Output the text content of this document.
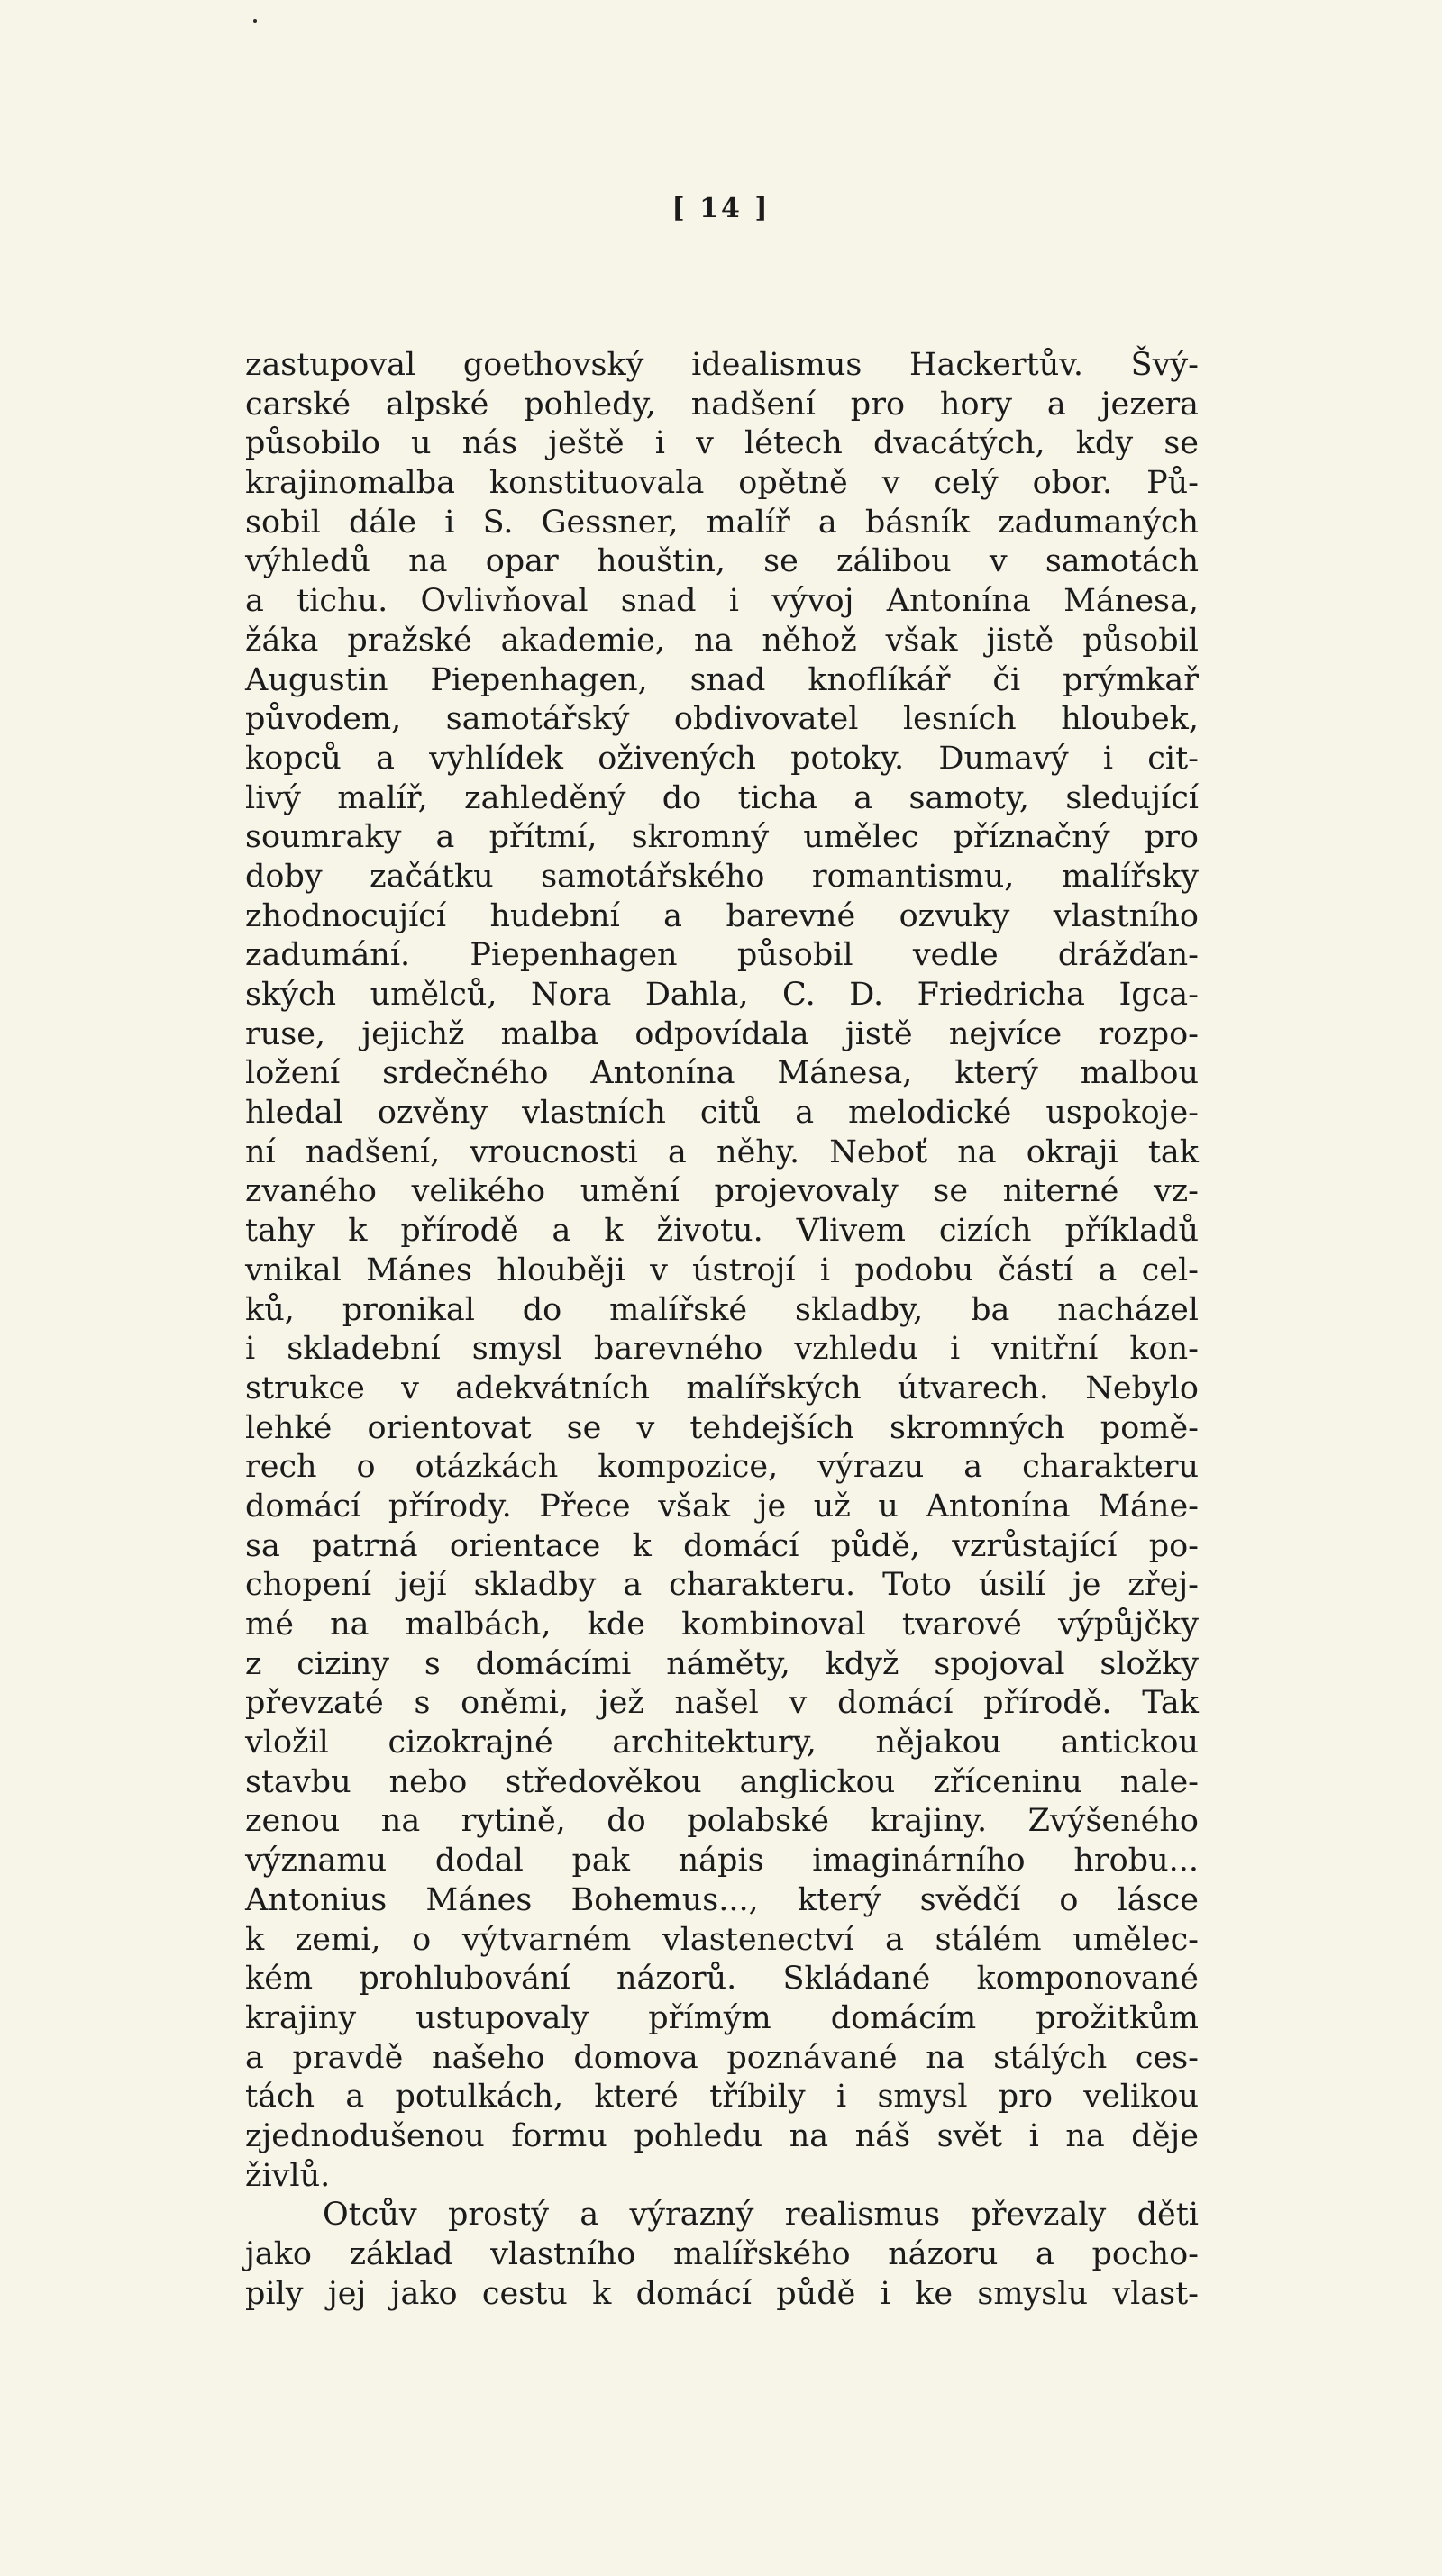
[ 14 ]
zastupoval goethovský idealismus Hackertův. Švý-
carské alpské pohledy, nadšení pro hory a jezera
působilo u nás ještě i v létech dvacátých, kdy se
krajinomalba konstituovala opětně v celý obor. Pů-
sobil dále i S. Gessner, malíř a básník zadumaných
výhledů na opar houštin, se zálibou v samotách
a tichu. Ovlivňoval snad i vývoj Antonína Mánesa,
žáka pražské akademie, na něhož však jistě působil
Augustin Piepenhagen, snad knoflíkář či prýmkař
původem, samotářský obdivovatel lesních hloubek,
kopců a vyhlídek oživených potoky. Dumavý i cit-
livý malíř, zahleděný do ticha a samoty, sledující
soumraky a přítmí, skromný umělec příznačný pro
doby začátku samotářského romantismu, malířsky
zhodnocující hudební a barevné ozvuky vlastního
zadumání. Piepenhagen působil vedle drážďan-
ských umělců, Nora Dahla, C. D. Friedricha Igca-
ruse, jejichž malba odpovídala jistě nejvíce rozpo-
ložení srdečného Antonína Mánesa, který malbou
hledal ozvěny vlastních citů a melodické uspokoje-
ní nadšení, vroucnosti a něhy. Neboť na okraji tak
zvaného velikého umění projevovaly se niterné vz-
tahy k přírodě a k životu. Vlivem cizích příkladů
vnikal Mánes hlouběji v ústrojí i podobu částí a cel-
ků, pronikal do malířské skladby, ba nacházel
i skladební smysl barevného vzhledu i vnitřní kon-
strukce v adekvátních malířských útvarech. Nebylo
lehké orientovat se v tehdejších skromných pomě-
rech o otázkách kompozice, výrazu a charakteru
domácí přírody. Přece však je už u Antonína Máne-
sa patrná orientace k domácí půdě, vzrůstající po-
chopení její skladby a charakteru. Toto úsilí je zřej-
mé na malbách, kde kombinoval tvarové výpůjčky
z ciziny s domácími náměty, když spojoval složky
převzaté s oněmi, jež našel v domácí přírodě. Tak
vložil cizokrajné architektury, nějakou antickou
stavbu nebo středověkou anglickou zříceninu nale-
zenou na rytině, do polabské krajiny. Zvýšeného
významu dodal pak nápis imaginárního hrobu...
Antonius Mánes Bohemus..., který svědčí o lásce
k zemi, o výtvarném vlastenectví a stálém umělec-
kém prohlubování názorů. Skládané komponované
krajiny ustupovaly přímým domácím prožitkům
a pravdě našeho domova poznávané na stálých ces-
tách a potulkách, které tříbily i smysl pro velikou
zjednodušenou formu pohledu na náš svět i na děje
živlů.
Otcův prostý a výrazný realismus převzaly děti
jako základ vlastního malířského názoru a pocho-
pily jej jako cestu k domácí půdě i ke smyslu vlast-
